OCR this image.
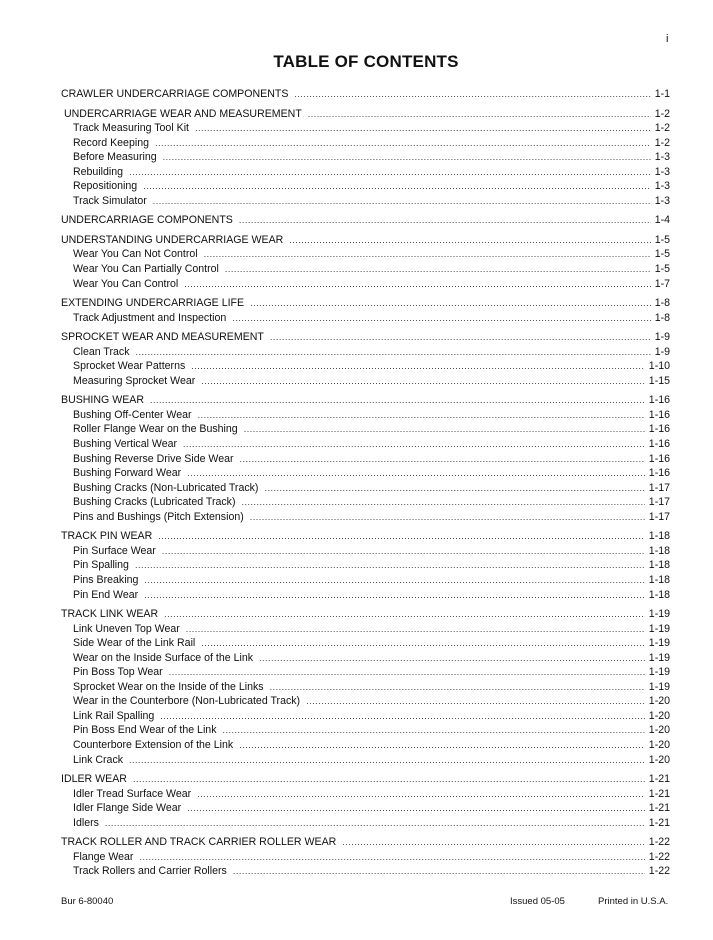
i
TABLE OF CONTENTS
CRAWLER UNDERCARRIAGE COMPONENTS .....	1-1
UNDERCARRIAGE WEAR AND MEASUREMENT .....	1-2
Track Measuring Tool Kit .....	1-2
Record Keeping .....	1-2
Before Measuring .....	1-3
Rebuilding .....	1-3
Repositioning .....	1-3
Track Simulator .....	1-3
UNDERCARRIAGE COMPONENTS .....	1-4
UNDERSTANDING UNDERCARRIAGE WEAR .....	1-5
Wear You Can Not Control .....	1-5
Wear You Can Partially Control .....	1-5
Wear You Can Control .....	1-7
EXTENDING UNDERCARRIAGE LIFE .....	1-8
Track Adjustment and Inspection .....	1-8
SPROCKET WEAR AND MEASUREMENT .....	1-9
Clean Track .....	1-9
Sprocket Wear Patterns .....	1-10
Measuring Sprocket Wear .....	1-15
BUSHING WEAR .....	1-16
Bushing Off-Center Wear .....	1-16
Roller Flange Wear on the Bushing .....	1-16
Bushing Vertical Wear .....	1-16
Bushing Reverse Drive Side Wear .....	1-16
Bushing Forward Wear .....	1-16
Bushing Cracks (Non-Lubricated Track) .....	1-17
Bushing Cracks (Lubricated Track) .....	1-17
Pins and Bushings (Pitch Extension) .....	1-17
TRACK PIN WEAR .....	1-18
Pin Surface Wear .....	1-18
Pin Spalling .....	1-18
Pins Breaking .....	1-18
Pin End Wear .....	1-18
TRACK LINK WEAR .....	1-19
Link Uneven Top Wear .....	1-19
Side Wear of the Link Rail .....	1-19
Wear on the Inside Surface of the Link .....	1-19
Pin Boss Top Wear .....	1-19
Sprocket Wear on the Inside of the Links .....	1-19
Wear in the Counterbore (Non-Lubricated Track) .....	1-20
Link Rail Spalling .....	1-20
Pin Boss End Wear of the Link .....	1-20
Counterbore Extension of the Link .....	1-20
Link Crack .....	1-20
IDLER WEAR .....	1-21
Idler Tread Surface Wear .....	1-21
Idler Flange Side Wear .....	1-21
Idlers .....	1-21
TRACK ROLLER AND TRACK CARRIER ROLLER WEAR .....	1-22
Flange Wear .....	1-22
Track Rollers and Carrier Rollers .....	1-22
Bur 6-80040	Issued 05-05	Printed in U.S.A.
